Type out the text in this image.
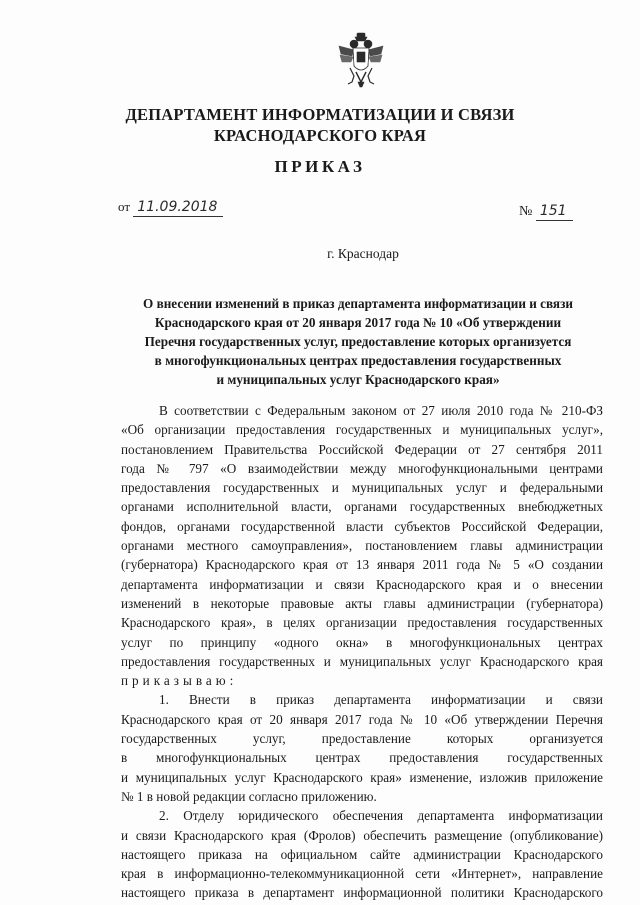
ДЕПАРТАМЕНТ ИНФОРМАТИЗАЦИИ И СВЯЗИ
КРАСНОДАРСКОГО КРАЯ
ПРИКАЗ
от 11.09.2018	№ 151
г. Краснодар
О внесении изменений в приказ департамента информатизации и связи
Краснодарского края от 20 января 2017 года № 10 «Об утверждении
Перечня государственных услуг, предоставление которых организуется
в многофункциональных центрах предоставления государственных
и муниципальных услуг Краснодарского края»
В соответствии с Федеральным законом от 27 июля 2010 года № 210-ФЗ
«Об организации предоставления государственных и муниципальных услуг»,
постановлением Правительства Российской Федерации от 27 сентября 2011
года № 797 «О взаимодействии между многофункциональными центрами
предоставления государственных и муниципальных услуг и федеральными
органами исполнительной власти, органами государственных внебюджетных
фондов, органами государственной власти субъектов Российской Федерации,
органами местного самоуправления», постановлением главы администрации
(губернатора) Краснодарского края от 13 января 2011 года № 5 «О создании
департамента информатизации и связи Краснодарского края и о внесении
изменений в некоторые правовые акты главы администрации (губернатора)
Краснодарского края», в целях организации предоставления государственных
услуг по принципу «одного окна» в многофункциональных центрах
предоставления государственных и муниципальных услуг Краснодарского края
приказываю:
1. Внести в приказ департамента информатизации и связи
Краснодарского края от 20 января 2017 года № 10 «Об утверждении Перечня
государственных услуг, предоставление которых организуется
в многофункциональных центрах предоставления государственных
и муниципальных услуг Краснодарского края» изменение, изложив приложение
№ 1 в новой редакции согласно приложению.
2. Отделу юридического обеспечения департамента информатизации
и связи Краснодарского края (Фролов) обеспечить размещение (опубликование)
настоящего приказа на официальном сайте администрации Краснодарского
края в информационно-телекоммуникационной сети «Интернет», направление
настоящего приказа в департамент информационной политики Краснодарского
